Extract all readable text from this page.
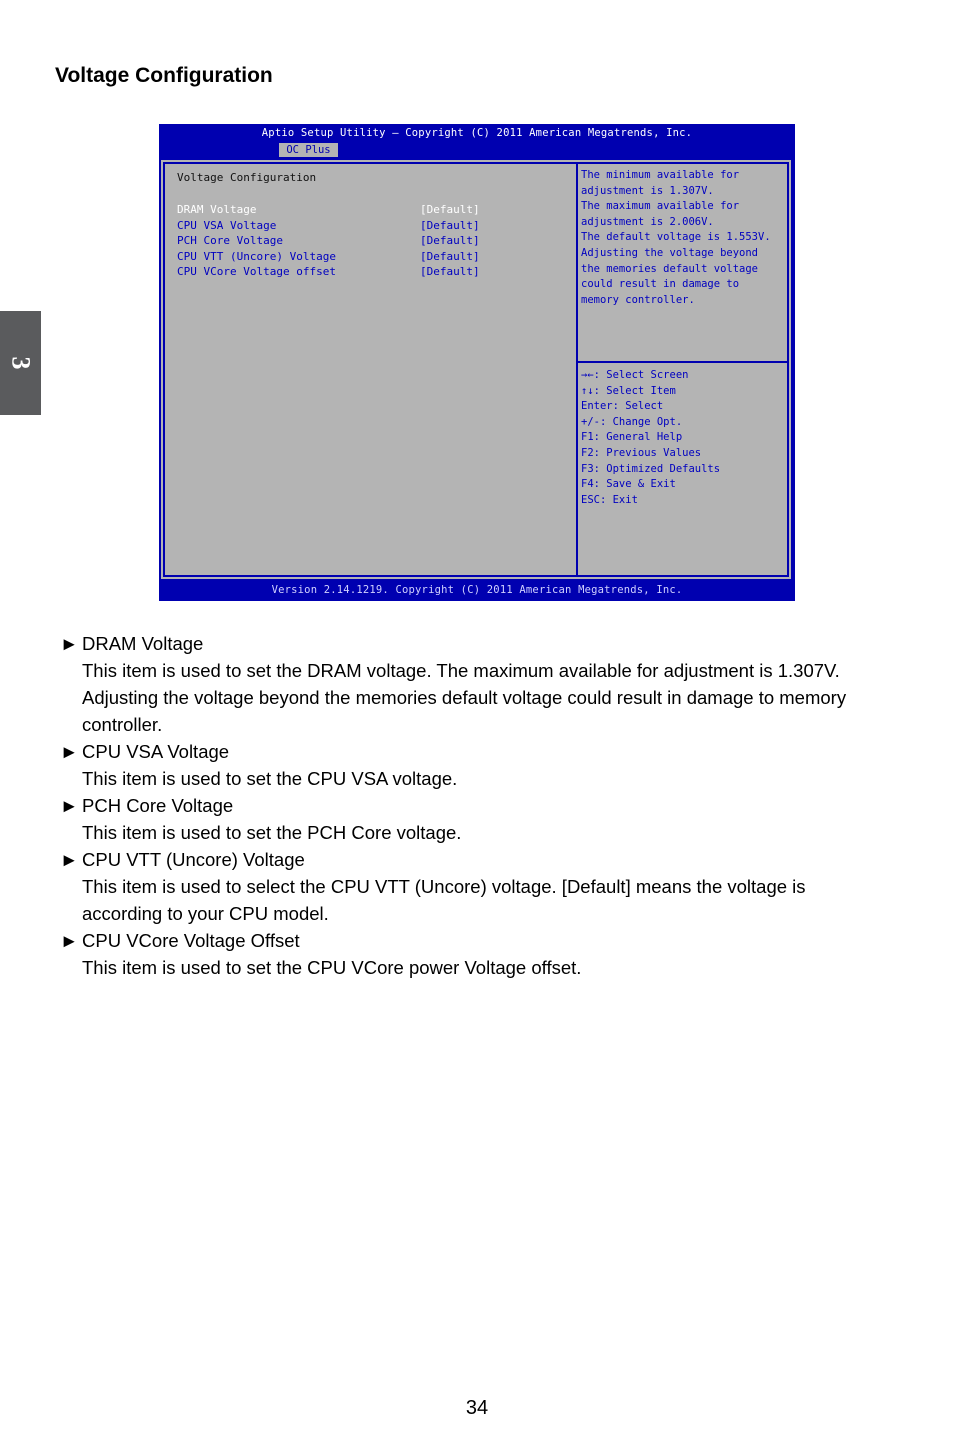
Voltage Configuration
3
Aptio Setup Utility – Copyright (C) 2011 American Megatrends, Inc.
OC Plus
Voltage Configuration
DRAM Voltage	[Default]
CPU VSA Voltage	[Default]
PCH Core Voltage	[Default]
CPU VTT (Uncore) Voltage	[Default]
CPU VCore Voltage offset	[Default]
The minimum available for
adjustment is 1.307V.
The maximum available for
adjustment is 2.006V.
The default voltage is 1.553V.
Adjusting the voltage beyond
the memories default voltage
could result in damage to
memory controller.
→←: Select Screen
↑↓: Select Item
Enter: Select
+/-: Change Opt.
F1: General Help
F2: Previous Values
F3: Optimized Defaults
F4: Save & Exit
ESC: Exit
Version 2.14.1219. Copyright (C) 2011 American Megatrends, Inc.
► DRAM Voltage
This item is used to set the DRAM voltage. The maximum available for adjustment is 1.307V.
Adjusting the voltage beyond the memories default voltage could result in damage to memory
controller.
► CPU VSA Voltage
This item is used to set the CPU VSA voltage.
► PCH Core Voltage
This item is used to set the PCH Core voltage.
► CPU VTT (Uncore) Voltage
This item is used to select the CPU VTT (Uncore) voltage. [Default] means the voltage is
according to your CPU model.
► CPU VCore Voltage Offset
This item is used to set the CPU VCore power Voltage offset.
34
